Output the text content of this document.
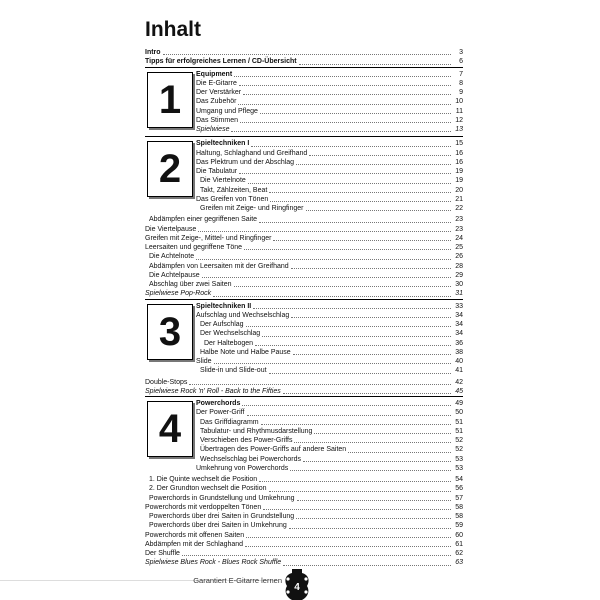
Inhalt
Intro	3
Tipps für erfolgreiches Lernen / CD-Übersicht	6
1
Equipment	7
Die E-Gitarre	8
Der Verstärker	9
Das Zubehör	10
Umgang und Pflege	11
Das Stimmen	12
Spielwiese	13
2
Spieltechniken I	15
Haltung, Schlaghand und Greifhand	16
Das Plektrum und der Abschlag	16
Die Tabulatur	19
Die Viertelnote	19
Takt, Zählzeiten, Beat	20
Das Greifen von Tönen	21
Greifen mit Zeige- und Ringfinger	22
Abdämpfen einer gegriffenen Saite	23
Die Viertelpause	23
Greifen mit Zeige-, Mittel- und Ringfinger	24
Leersaiten und gegriffene Töne	25
Die Achtelnote	26
Abdämpfen von Leersaiten mit der Greifhand	28
Die Achtelpause	29
Abschlag über zwei Saiten	30
Spielwiese Pop-Rock	31
3
Spieltechniken II	33
Aufschlag und Wechselschlag	34
Der Aufschlag	34
Der Wechselschlag	34
Der Haltebogen	36
Halbe Note und Halbe Pause	38
Slide	40
Slide-in und Slide-out	41
Double-Stops	42
Spielwiese Rock 'n' Roll - Back to the Fifties	45
4
Powerchords	49
Der Power-Griff	50
Das Griffdiagramm	51
Tabulatur- und Rhythmusdarstellung	51
Verschieben des Power-Griffs	52
Übertragen des Power-Griffs auf andere Saiten	52
Wechselschlag bei Powerchords	53
Umkehrung von Powerchords	53
1. Die Quinte wechselt die Position	54
2. Der Grundton wechselt die Position	56
Powerchords in Grundstellung und Umkehrung	57
Powerchords mit verdoppelten Tönen	58
Powerchords über drei Saiten in Grundstellung	58
Powerchords über drei Saiten in Umkehrung	59
Powerchords mit offenen Saiten	60
Abdämpfen mit der Schlaghand	61
Der Shuffle	62
Spielwiese Blues Rock - Blues Rock Shuffle	63
Garantiert E-Gitarre lernen
4
